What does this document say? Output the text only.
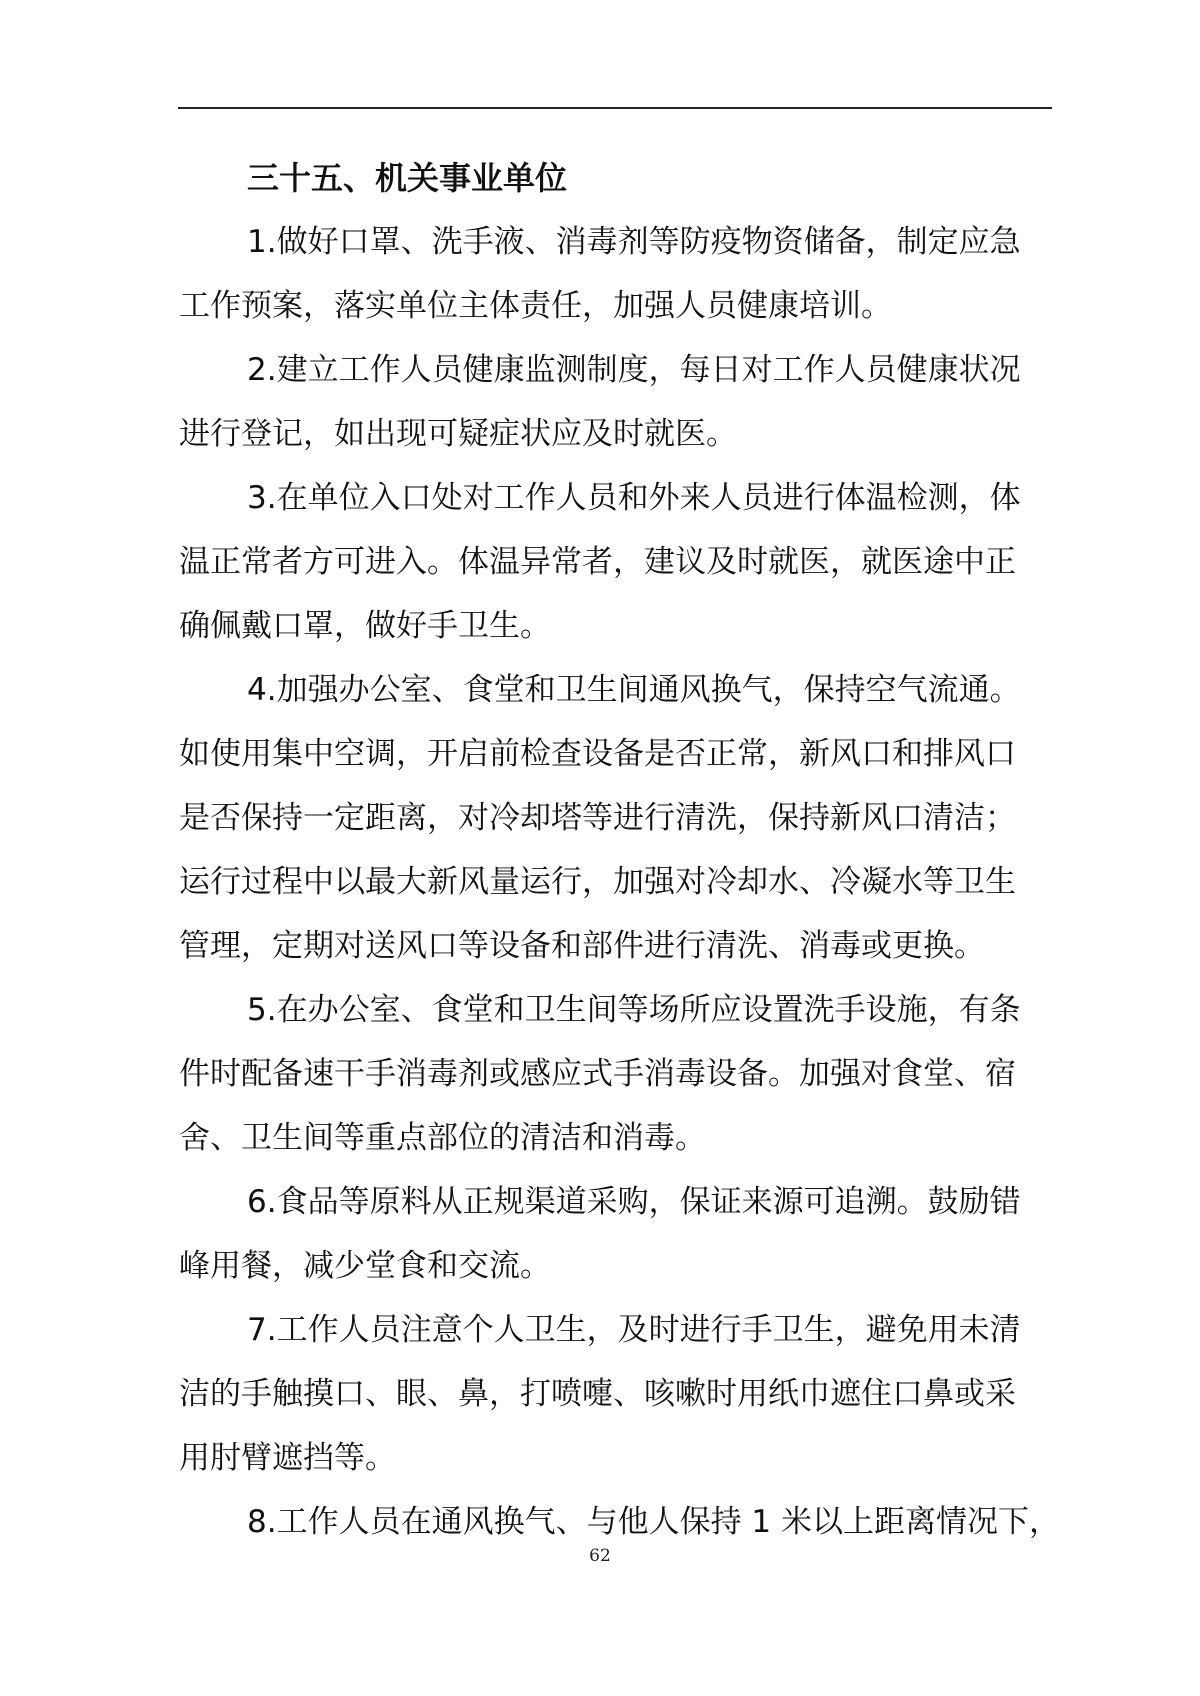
三十五、机关事业单位

1.做好口罩、洗手液、消毒剂等防疫物资储备，制定应急
工作预案，落实单位主体责任，加强人员健康培训。

2.建立工作人员健康监测制度，每日对工作人员健康状况
进行登记，如出现可疑症状应及时就医。

3.在单位入口处对工作人员和外来人员进行体温检测，体
温正常者方可进入。体温异常者，建议及时就医，就医途中正
确佩戴口罩，做好手卫生。

4.加强办公室、食堂和卫生间通风换气，保持空气流通。
如使用集中空调，开启前检查设备是否正常，新风口和排风口
是否保持一定距离，对冷却塔等进行清洗，保持新风口清洁；
运行过程中以最大新风量运行，加强对冷却水、冷凝水等卫生
管理，定期对送风口等设备和部件进行清洗、消毒或更换。

5.在办公室、食堂和卫生间等场所应设置洗手设施，有条
件时配备速干手消毒剂或感应式手消毒设备。加强对食堂、宿
舍、卫生间等重点部位的清洁和消毒。

6.食品等原料从正规渠道采购，保证来源可追溯。鼓励错
峰用餐，减少堂食和交流。

7.工作人员注意个人卫生，及时进行手卫生，避免用未清
洁的手触摸口、眼、鼻，打喷嚏、咳嗽时用纸巾遮住口鼻或采
用肘臂遮挡等。

8.工作人员在通风换气、与他人保持 1 米以上距离情况下，

62
